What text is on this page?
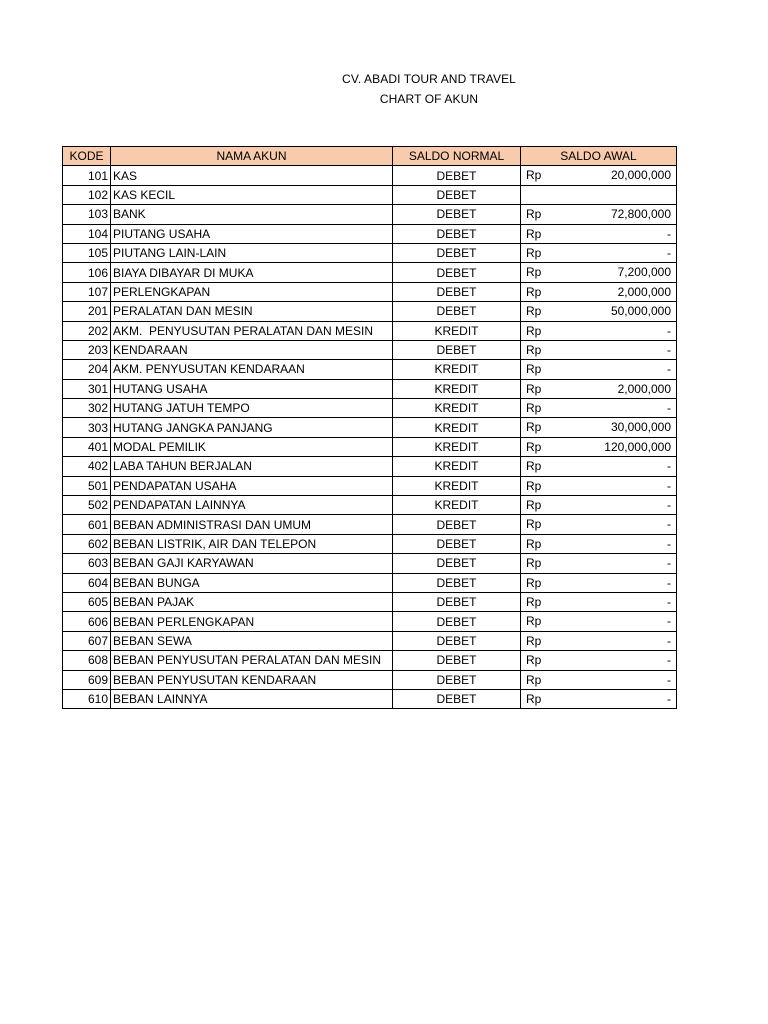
CV. ABADI TOUR AND TRAVEL
CHART OF AKUN
KODE	NAMA AKUN	SALDO NORMAL	SALDO AWAL
101	KAS	DEBET	Rp 20,000,000

102	KAS KECIL	DEBET	

103	BANK	DEBET	Rp 72,800,000

104	PIUTANG USAHA	DEBET	Rp -

105	PIUTANG LAIN-LAIN	DEBET	Rp -

106	BIAYA DIBAYAR DI MUKA	DEBET	Rp 7,200,000

107	PERLENGKAPAN	DEBET	Rp 2,000,000

201	PERALATAN DAN MESIN	DEBET	Rp 50,000,000

202	AKM.  PENYUSUTAN PERALATAN DAN MESIN	KREDIT	Rp -

203	KENDARAAN	DEBET	Rp -

204	AKM. PENYUSUTAN KENDARAAN	KREDIT	Rp -

301	HUTANG USAHA	KREDIT	Rp 2,000,000

302	HUTANG JATUH TEMPO	KREDIT	Rp -

303	HUTANG JANGKA PANJANG	KREDIT	Rp 30,000,000

401	MODAL PEMILIK	KREDIT	Rp 120,000,000

402	LABA TAHUN BERJALAN	KREDIT	Rp -

501	PENDAPATAN USAHA	KREDIT	Rp -

502	PENDAPATAN LAINNYA	KREDIT	Rp -

601	BEBAN ADMINISTRASI DAN UMUM	DEBET	Rp -

602	BEBAN LISTRIK, AIR DAN TELEPON	DEBET	Rp -

603	BEBAN GAJI KARYAWAN	DEBET	Rp -

604	BEBAN BUNGA	DEBET	Rp -

605	BEBAN PAJAK	DEBET	Rp -

606	BEBAN PERLENGKAPAN	DEBET	Rp -

607	BEBAN SEWA	DEBET	Rp -

608	BEBAN PENYUSUTAN PERALATAN DAN MESIN	DEBET	Rp -

609	BEBAN PENYUSUTAN KENDARAAN	DEBET	Rp -

610	BEBAN LAINNYA	DEBET	Rp -
